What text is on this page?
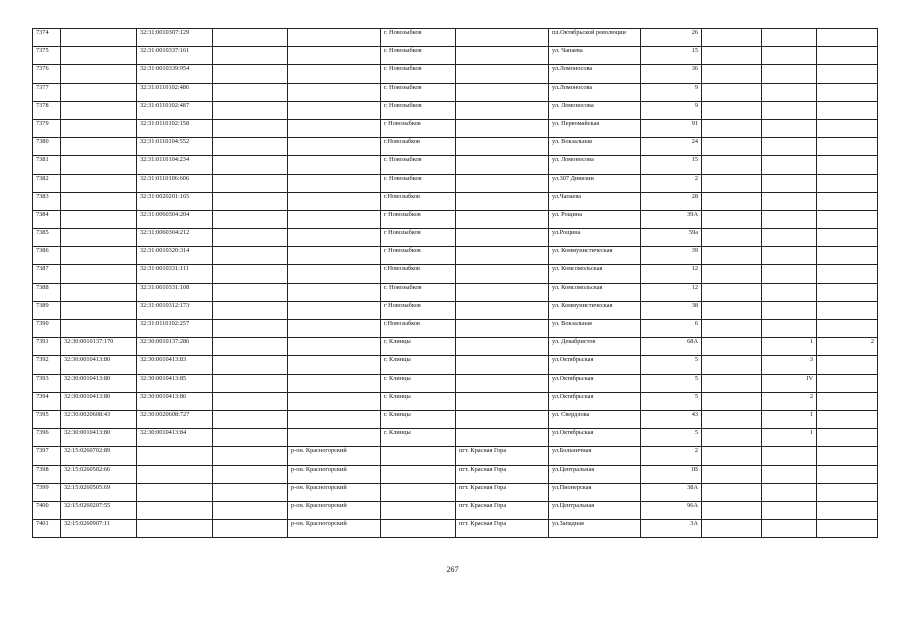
7374		32:31:0010307:129			г. Новозыбков		пл.Октябрьской революции	26			
7375		32:31:0010337:161			г. Новозыбков		ул. Чапаева	15			
7376		32:31:0010339:954			г. Новозыбков		ул.Ломоносова	36			
7377		32:31:0110102:486			г. Новозыбков		ул.Ломоносова	9			
7378		32:31:0110102:487			г. Новозыбков		ул. Ломоносова	9			
7379		32:31:0110102:158			г Новозыбков		ул. Первомайская	91			
7380		32:31:0110104:552			г.Новозыбков		ул. Вокзальная	24			
7381		32:31:0110104:234			г. Новозыбков		ул. Ломоносова	15			
7382		32:31:0110106:606			г. Новозыбков		ул.307 Дивизии	2			
7383		32:31:0020201:165			г.Новозыбков		ул.Чапаева	28			
7384		32:31:0060304:204			г Новозыбков		ул. Рощина	39А			
7385		32:31:0060304:212			г Новозыбков		ул.Рощина	59а			
7386		32:31:0010320:314			г Новозыбков		ул. Коммунистическая	39			
7387		32:31:0010331:111			г.Новозыбков		ул. Комсомольская	12			
7388		32:31:0010331:108			г. Новозыбков		ул. Комсомольская	12			
7389		32:31:0010312:173			г Новозыбков		ул. Коммунистическая	38			
7390		32:31:0110102:257			г.Новозыбков		ул. Вокзальная	6			
7391	32:30:0010137:170	32:30:0010137:286			г. Клинцы		ул. Декабристов	68А		1	2
7392	32:30:0010413:80	32:30:0010413:83			г. Клинцы		ул.Октябрьская	5		3	
7393	32:30:0010413:80	32:30:0010413:85			г. Клинцы		ул.Октябрьская	5		IV	
7394	32:30:0010413:80	32:30:0010413:86			г. Клинцы		ул.Октябрьская	5		2	
7395	32:30:0020608:43	32:30:0020608:727			г. Клинцы		ул. Свердлова	43		1	
7396	32:30:0010413:80	32:30:0010413:84			г. Клинцы		ул.Октябрьская	5		1	
7397	32:15:0260702:89			р-он. Красногорский		пгт. Красная Гора	ул.Больничная	2			
7398	32:15:0260502:66			р-он. Красногорский		пгт. Красная Гора	ул.Центральная	1В			
7399	32:15:0260505:69			р-он. Красногорский		пгт. Красная Гора	ул.Пионерская	38А			
7400	32:15:0260207:55			р-он. Красногорский		пгт. Красная Гора	ул.Центральная	96А			
7401	32:15:0260907:11			р-он. Красногорский		пгт. Красная Гора	ул.Западная	3А			
267
